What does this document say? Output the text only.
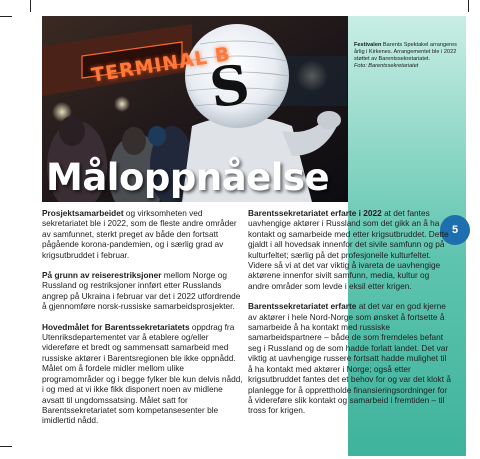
TERMINAL B
S
Måloppnåelse
Festivalen Barents Spektakel arrangeres årlig i Kirkenes. Arrangementet ble i 2022 støttet av Barentssekretariatet.
Foto: Barentssekretariatet
5

Prosjektsamarbeidet og virksomheten ved sekretariatet ble i 2022, som de fleste andre områder av samfunnet, sterkt preget av både den fortsatt pågående korona-pandemien, og i særlig grad av krigsutbruddet i februar.

På grunn av reiserestriksjoner mellom Norge og Russland og restriksjoner innført etter Russlands angrep på Ukraina i februar var det i 2022 utfordrende å gjennomføre norsk-russiske samarbeidsprosjekter.

Hovedmålet for Barentssekretariatets oppdrag fra Utenriksdepartementet var å etablere og/eller videreføre et bredt og sammensatt samarbeid med russiske aktører i Barentsregionen ble ikke oppnådd. Målet om å fordele midler mellom ulike programområder og i begge fylker ble kun delvis nådd, i og med at vi ikke fikk disponert noen av midlene avsatt til ungdomssatsing. Målet satt for Barentssekretariatet som kompetansesenter ble imidlertid nådd.

Barentssekretariatet erfarte i 2022 at det fantes uavhengige aktører i Russland som det gikk an å ha kontakt og samarbeide med etter krigsutbruddet. Dette gjaldt i all hovedsak innenfor det sivile samfunn og på kulturfeltet; særlig på det profesjonelle kulturfeltet. Videre så vi at det var viktig å ivareta de uavhengige aktørene innenfor sivilt samfunn, media, kultur og andre områder som levde i eksil etter krigen.

Barentssekretariatet erfarte at det var en god kjerne av aktører i hele Nord-Norge som ønsket å fortsette å samarbeide å ha kontakt med russiske samarbeidspartnere – både de som fremdeles befant seg i Russland og de som hadde forlatt landet. Det var viktig at uavhengige russere fortsatt hadde mulighet til å ha kontakt med aktører i Norge; også etter krigsutbruddet fantes det et behov for og var det klokt å planlegge for å opprettholde finansieringsordninger for å videreføre slik kontakt og samarbeid i fremtiden – til tross for krigen.
